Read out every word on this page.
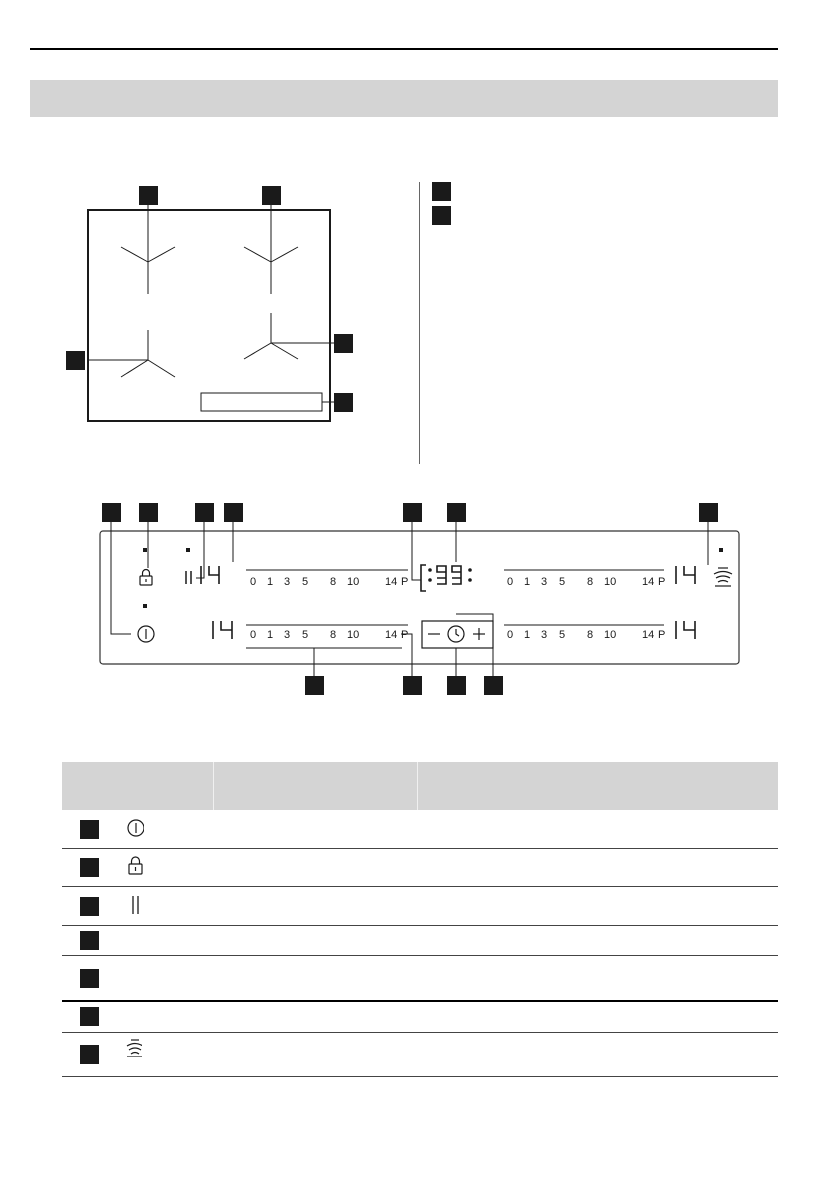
0 1 3 5 8 10 14 P	0 1 3 5 8 10 14 P
0 1 3 5 8 10 14 P	0 1 3 5 8 10 14 P
